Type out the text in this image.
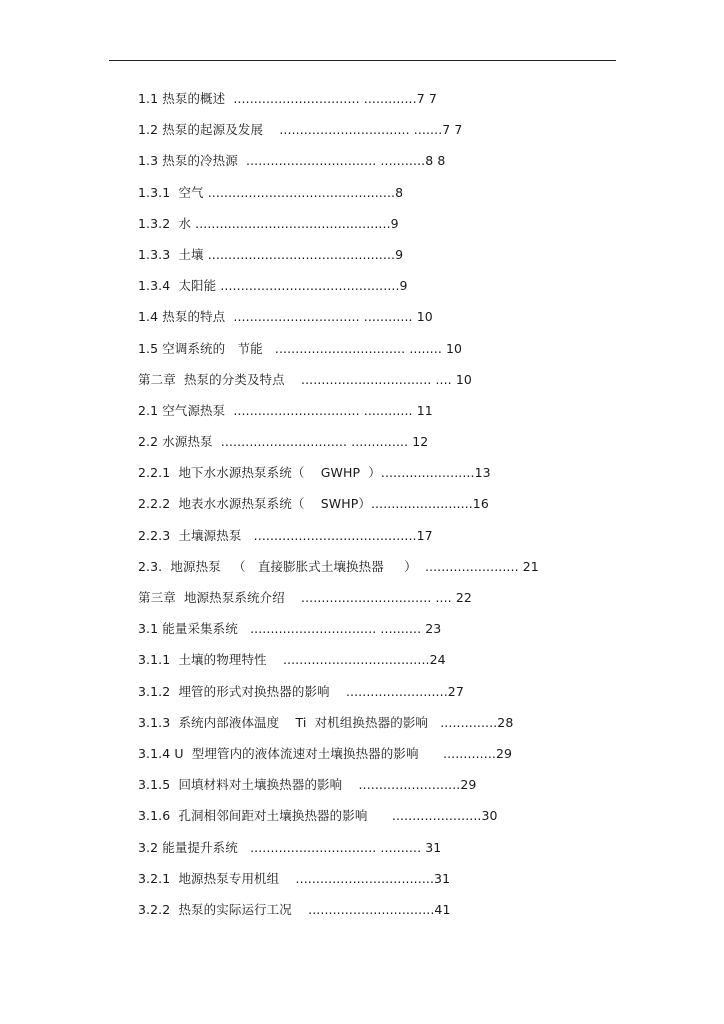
1.1 热泵的概述  ............................... .............7 7
1.2 热泵的起源及发展    ................................ .......7 7
1.3 热泵的冷热源  ................................ ...........8 8
1.3.1  空气 ..............................................8
1.3.2  水 ................................................9
1.3.3  土壤 ..............................................9
1.3.4  太阳能 ............................................9
1.4 热泵的特点  ............................... ............ 10
1.5 空调系统的   节能   ................................ ........ 10
第二章  热泵的分类及特点    ................................ .... 10
2.1 空气源热泵  ............................... ............ 11
2.2 水源热泵  ............................... .............. 12
2.2.1  地下水水源热泵系统（    GWHP  ）.......................13
2.2.2  地表水水源热泵系统（    SWHP）.........................16
2.2.3  土壤源热泵   ........................................17
2.3.  地源热泵   （   直接膨胀式土壤换热器     ）  ....................... 21
第三章  地源热泵系统介绍    ................................ .... 22
3.1 能量采集系统   ............................... .......... 23
3.1.1  土壤的物理特性    ....................................24
3.1.2  埋管的形式对换热器的影响    .........................27
3.1.3  系统内部液体温度    Ti  对机组换热器的影响   ..............28
3.1.4 U  型埋管内的液体流速对土壤换热器的影响      .............29
3.1.5  回填材料对土壤换热器的影响    .........................29
3.1.6  孔洞相邻间距对土壤换热器的影响      ......................30
3.2 能量提升系统   ............................... .......... 31
3.2.1  地源热泵专用机组    ..................................31
3.2.2  热泵的实际运行工况    ...............................41
